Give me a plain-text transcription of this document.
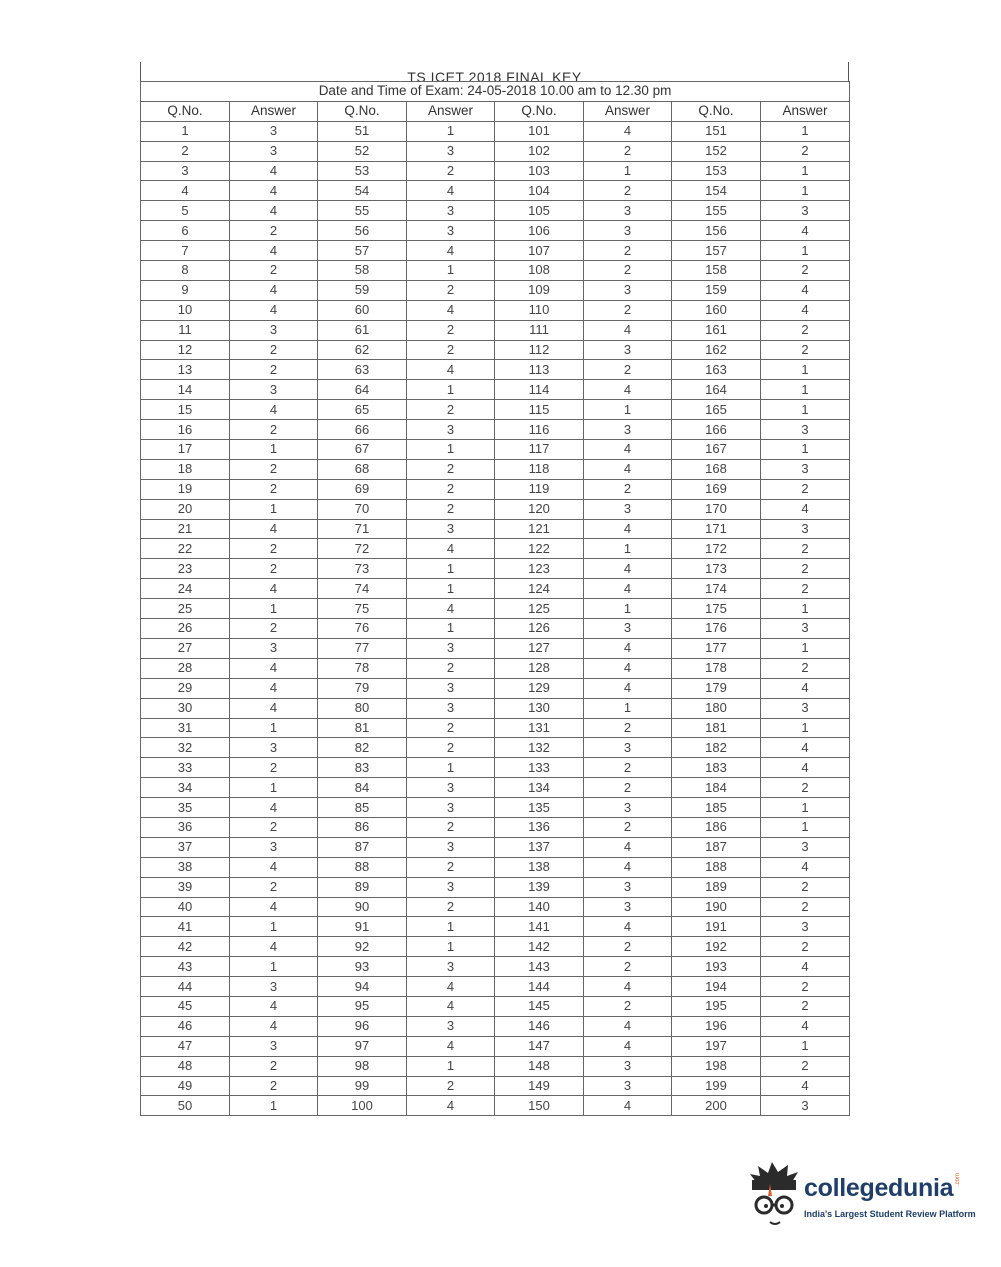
TS ICET 2018 FINAL KEY
Date and Time of Exam: 24-05-2018 10.00 am to 12.30 pm							
Q.No.	Answer	Q.No.	Answer	Q.No.	Answer	Q.No.	Answer
1	3	51	1	101	4	151	1
2	3	52	3	102	2	152	2
3	4	53	2	103	1	153	1
4	4	54	4	104	2	154	1
5	4	55	3	105	3	155	3
6	2	56	3	106	3	156	4
7	4	57	4	107	2	157	1
8	2	58	1	108	2	158	2
9	4	59	2	109	3	159	4
10	4	60	4	110	2	160	4
11	3	61	2	111	4	161	2
12	2	62	2	112	3	162	2
13	2	63	4	113	2	163	1
14	3	64	1	114	4	164	1
15	4	65	2	115	1	165	1
16	2	66	3	116	3	166	3
17	1	67	1	117	4	167	1
18	2	68	2	118	4	168	3
19	2	69	2	119	2	169	2
20	1	70	2	120	3	170	4
21	4	71	3	121	4	171	3
22	2	72	4	122	1	172	2
23	2	73	1	123	4	173	2
24	4	74	1	124	4	174	2
25	1	75	4	125	1	175	1
26	2	76	1	126	3	176	3
27	3	77	3	127	4	177	1
28	4	78	2	128	4	178	2
29	4	79	3	129	4	179	4
30	4	80	3	130	1	180	3
31	1	81	2	131	2	181	1
32	3	82	2	132	3	182	4
33	2	83	1	133	2	183	4
34	1	84	3	134	2	184	2
35	4	85	3	135	3	185	1
36	2	86	2	136	2	186	1
37	3	87	3	137	4	187	3
38	4	88	2	138	4	188	4
39	2	89	3	139	3	189	2
40	4	90	2	140	3	190	2
41	1	91	1	141	4	191	3
42	4	92	1	142	2	192	2
43	1	93	3	143	2	193	4
44	3	94	4	144	4	194	2
45	4	95	4	145	2	195	2
46	4	96	3	146	4	196	4
47	3	97	4	147	4	197	1
48	2	98	1	148	3	198	2
49	2	99	2	149	3	199	4
50	1	100	4	150	4	200	3
collegedunia .com
India's Largest Student Review Platform
